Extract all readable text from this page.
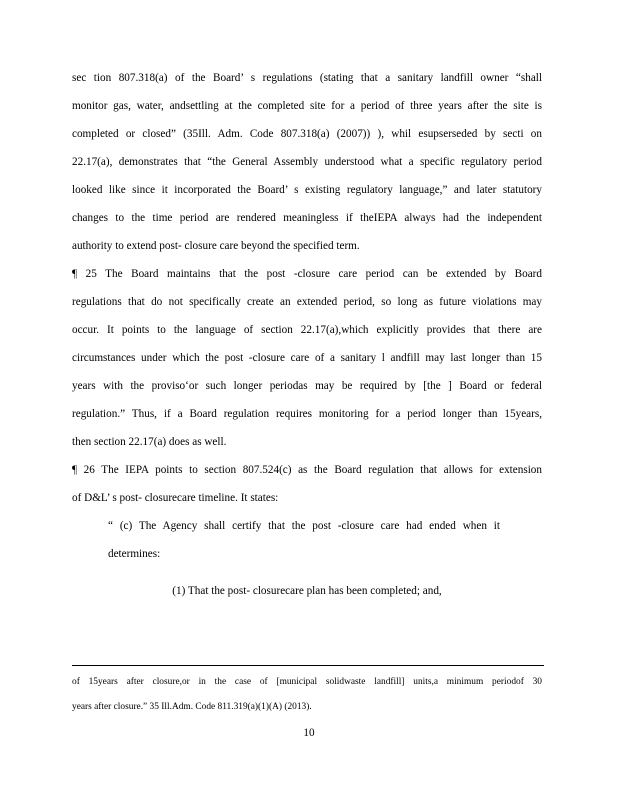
sec tion 807.318(a) of the Board’ s regulations (stating that a sanitary landfill owner “shall
monitor gas, water, andsettling at the completed site for a period of three years after the site is
completed or closed” (35Ill. Adm. Code 807.318(a) (2007)) ), whil esupserseded by secti on
22.17(a), demonstrates that “the General Assembly understood what a specific regulatory period
looked like since it incorporated the Board’ s existing regulatory language,” and later statutory
changes to the time period are rendered meaningless if theIEPA always had the independent
authority to extend post- closure care beyond the specified term.
¶ 25 The Board maintains that the post -closure care period can be extended by Board
regulations that do not specifically create an extended period, so long as future violations may
occur. It points to the language of section 22.17(a),which explicitly provides that there are
circumstances under which the post -closure care of a sanitary l andfill may last longer than 15
years with the proviso‘or such longer periodas may be required by [the ] Board or federal
regulation.” Thus, if a Board regulation requires monitoring for a period longer than 15years,
then section 22.17(a) does as well.
¶ 26 The IEPA points to section 807.524(c) as the Board regulation that allows for extension
of D&L’ s post- closurecare timeline. It states:
“ (c) The Agency shall certify that the post -closure care had ended when it
determines:
(1) That the post- closurecare plan has been completed; and,
of 15years after closure,or in the case of [municipal solidwaste landfill] units,a minimum periodof 30
years after closure.” 35 Ill.Adm. Code 811.319(a)(1)(A) (2013).
10
